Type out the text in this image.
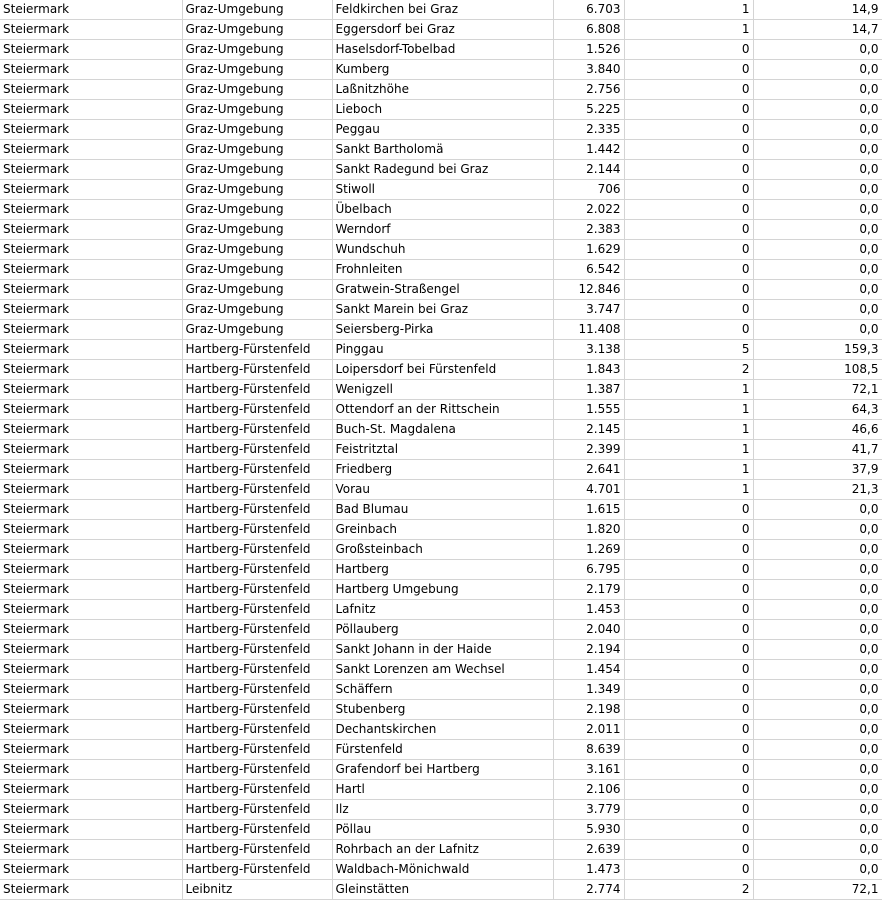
Steiermark	Graz-Umgebung	Feldkirchen bei Graz	6.703	1	14,9
Steiermark	Graz-Umgebung	Eggersdorf bei Graz	6.808	1	14,7
Steiermark	Graz-Umgebung	Haselsdorf-Tobelbad	1.526	0	0,0
Steiermark	Graz-Umgebung	Kumberg	3.840	0	0,0
Steiermark	Graz-Umgebung	Laßnitzhöhe	2.756	0	0,0
Steiermark	Graz-Umgebung	Lieboch	5.225	0	0,0
Steiermark	Graz-Umgebung	Peggau	2.335	0	0,0
Steiermark	Graz-Umgebung	Sankt Bartholomä	1.442	0	0,0
Steiermark	Graz-Umgebung	Sankt Radegund bei Graz	2.144	0	0,0
Steiermark	Graz-Umgebung	Stiwoll	706	0	0,0
Steiermark	Graz-Umgebung	Übelbach	2.022	0	0,0
Steiermark	Graz-Umgebung	Werndorf	2.383	0	0,0
Steiermark	Graz-Umgebung	Wundschuh	1.629	0	0,0
Steiermark	Graz-Umgebung	Frohnleiten	6.542	0	0,0
Steiermark	Graz-Umgebung	Gratwein-Straßengel	12.846	0	0,0
Steiermark	Graz-Umgebung	Sankt Marein bei Graz	3.747	0	0,0
Steiermark	Graz-Umgebung	Seiersberg-Pirka	11.408	0	0,0
Steiermark	Hartberg-Fürstenfeld	Pinggau	3.138	5	159,3
Steiermark	Hartberg-Fürstenfeld	Loipersdorf bei Fürstenfeld	1.843	2	108,5
Steiermark	Hartberg-Fürstenfeld	Wenigzell	1.387	1	72,1
Steiermark	Hartberg-Fürstenfeld	Ottendorf an der Rittschein	1.555	1	64,3
Steiermark	Hartberg-Fürstenfeld	Buch-St. Magdalena	2.145	1	46,6
Steiermark	Hartberg-Fürstenfeld	Feistritztal	2.399	1	41,7
Steiermark	Hartberg-Fürstenfeld	Friedberg	2.641	1	37,9
Steiermark	Hartberg-Fürstenfeld	Vorau	4.701	1	21,3
Steiermark	Hartberg-Fürstenfeld	Bad Blumau	1.615	0	0,0
Steiermark	Hartberg-Fürstenfeld	Greinbach	1.820	0	0,0
Steiermark	Hartberg-Fürstenfeld	Großsteinbach	1.269	0	0,0
Steiermark	Hartberg-Fürstenfeld	Hartberg	6.795	0	0,0
Steiermark	Hartberg-Fürstenfeld	Hartberg Umgebung	2.179	0	0,0
Steiermark	Hartberg-Fürstenfeld	Lafnitz	1.453	0	0,0
Steiermark	Hartberg-Fürstenfeld	Pöllauberg	2.040	0	0,0
Steiermark	Hartberg-Fürstenfeld	Sankt Johann in der Haide	2.194	0	0,0
Steiermark	Hartberg-Fürstenfeld	Sankt Lorenzen am Wechsel	1.454	0	0,0
Steiermark	Hartberg-Fürstenfeld	Schäffern	1.349	0	0,0
Steiermark	Hartberg-Fürstenfeld	Stubenberg	2.198	0	0,0
Steiermark	Hartberg-Fürstenfeld	Dechantskirchen	2.011	0	0,0
Steiermark	Hartberg-Fürstenfeld	Fürstenfeld	8.639	0	0,0
Steiermark	Hartberg-Fürstenfeld	Grafendorf bei Hartberg	3.161	0	0,0
Steiermark	Hartberg-Fürstenfeld	Hartl	2.106	0	0,0
Steiermark	Hartberg-Fürstenfeld	Ilz	3.779	0	0,0
Steiermark	Hartberg-Fürstenfeld	Pöllau	5.930	0	0,0
Steiermark	Hartberg-Fürstenfeld	Rohrbach an der Lafnitz	2.639	0	0,0
Steiermark	Hartberg-Fürstenfeld	Waldbach-Mönichwald	1.473	0	0,0
Steiermark	Leibnitz	Gleinstätten	2.774	2	72,1
